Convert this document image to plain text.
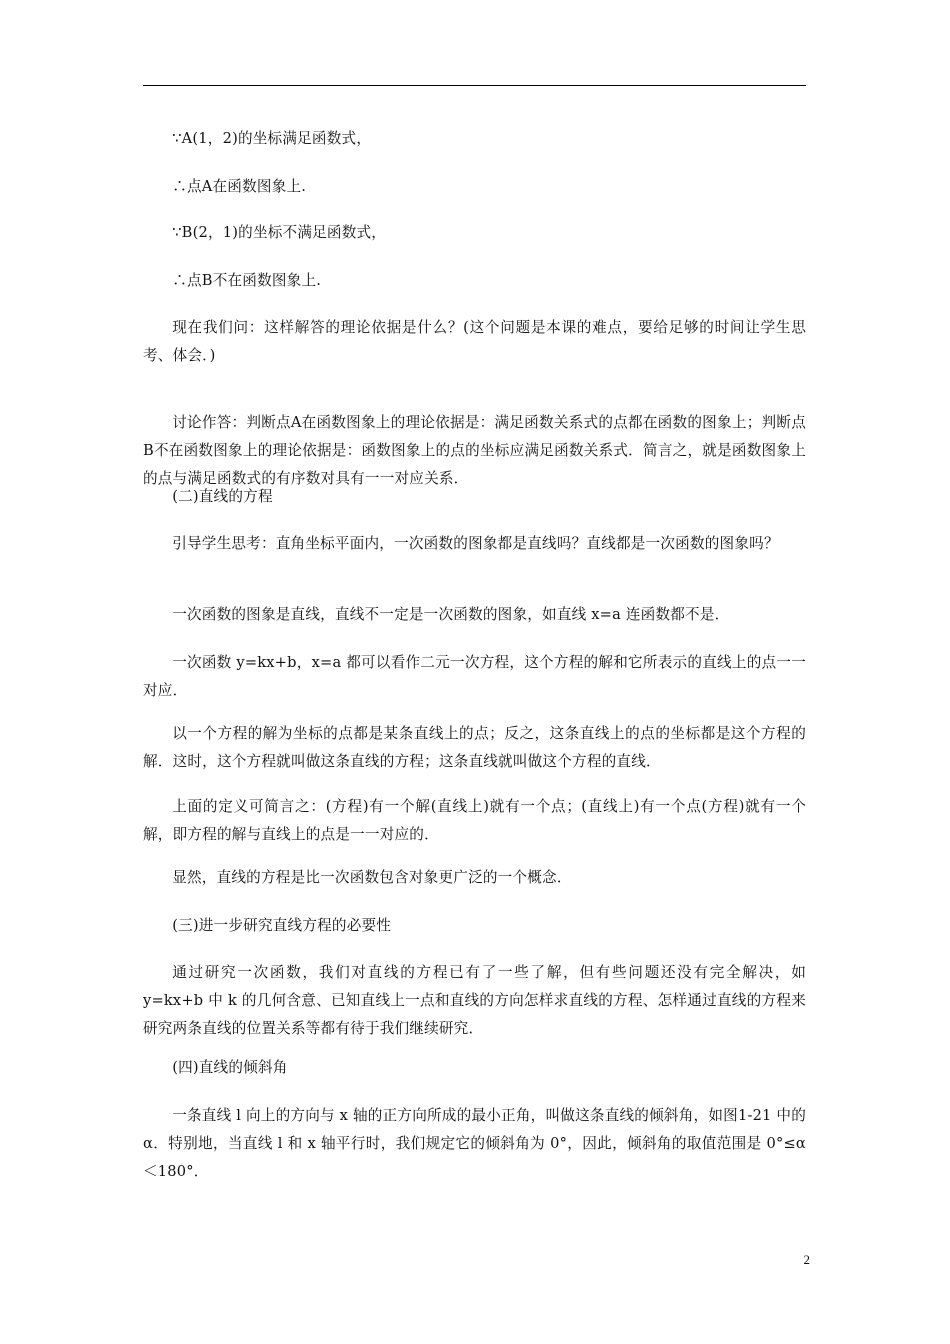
∵A(1，2)的坐标满足函数式，

∴点A在函数图象上.

∵B(2，1)的坐标不满足函数式，

∴点B不在函数图象上.

现在我们问：这样解答的理论依据是什么？(这个问题是本课的难点，要给足够的时间让学生思考、体会．)

讨论作答：判断点A在函数图象上的理论依据是：满足函数关系式的点都在函数的图象上；判断点B不在函数图象上的理论依据是：函数图象上的点的坐标应满足函数关系式．简言之，就是函数图象上的点与满足函数式的有序数对具有一一对应关系．

(二)直线的方程

引导学生思考：直角坐标平面内，一次函数的图象都是直线吗？直线都是一次函数的图象吗？

一次函数的图象是直线，直线不一定是一次函数的图象，如直线 x=a 连函数都不是．

一次函数 y=kx+b，x=a 都可以看作二元一次方程，这个方程的解和它所表示的直线上的点一一对应．

以一个方程的解为坐标的点都是某条直线上的点；反之，这条直线上的点的坐标都是这个方程的解．这时，这个方程就叫做这条直线的方程；这条直线就叫做这个方程的直线．

上面的定义可简言之：(方程)有一个解(直线上)就有一个点；(直线上)有一个点(方程)就有一个解，即方程的解与直线上的点是一一对应的．

显然，直线的方程是比一次函数包含对象更广泛的一个概念．

(三)进一步研究直线方程的必要性

通过研究一次函数，我们对直线的方程已有了一些了解，但有些问题还没有完全解决，如 y=kx+b 中 k 的几何含意、已知直线上一点和直线的方向怎样求直线的方程、怎样通过直线的方程来研究两条直线的位置关系等都有待于我们继续研究．

(四)直线的倾斜角

一条直线 l 向上的方向与 x 轴的正方向所成的最小正角，叫做这条直线的倾斜角，如图1-21 中的 α．特别地，当直线 l 和 x 轴平行时，我们规定它的倾斜角为 0°，因此，倾斜角的取值范围是 0°≤α＜180°．

2
